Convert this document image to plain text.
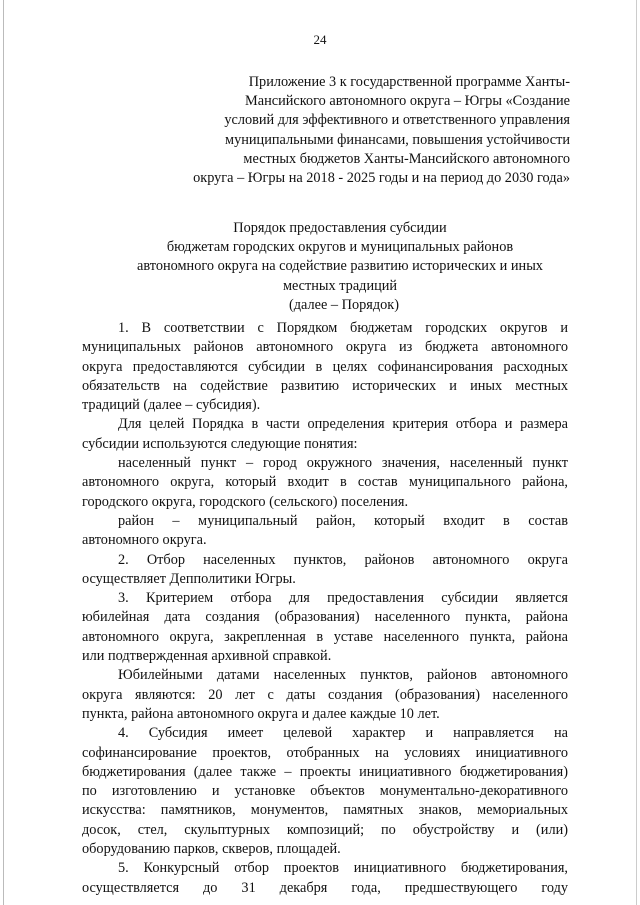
24
Приложение 3 к государственной программе Ханты-
Мансийского автономного округа – Югры «Создание
условий для эффективного и ответственного управления
муниципальными финансами, повышения устойчивости
местных бюджетов Ханты-Мансийского автономного
округа – Югры на 2018 - 2025 годы и на период до 2030 года»
Порядок предоставления субсидии
бюджетам городских округов и муниципальных районов
автономного округа на содействие развитию исторических и иных
местных традиций
(далее – Порядок)
1. В соответствии с Порядком бюджетам городских округов и
муниципальных районов автономного округа из бюджета автономного
округа предоставляются субсидии в целях софинансирования расходных
обязательств на содействие развитию исторических и иных местных
традиций (далее – субсидия).
Для целей Порядка в части определения критерия отбора и размера
субсидии используются следующие понятия:
населенный пункт – город окружного значения, населенный пункт
автономного округа, который входит в состав муниципального района,
городского округа, городского (сельского) поселения.
район – муниципальный район, который входит в состав
автономного округа.
2. Отбор населенных пунктов, районов автономного округа
осуществляет Депполитики Югры.
3. Критерием отбора для предоставления субсидии является
юбилейная дата создания (образования) населенного пункта, района
автономного округа, закрепленная в уставе населенного пункта, района
или подтвержденная архивной справкой.
Юбилейными датами населенных пунктов, районов автономного
округа являются: 20 лет с даты создания (образования) населенного
пункта, района автономного округа и далее каждые 10 лет.
4. Субсидия имеет целевой характер и направляется на
софинансирование проектов, отобранных на условиях инициативного
бюджетирования (далее также – проекты инициативного бюджетирования)
по изготовлению и установке объектов монументально-декоративного
искусства: памятников, монументов, памятных знаков, мемориальных
досок, стел, скульптурных композиций; по обустройству и (или)
оборудованию парков, скверов, площадей.
5. Конкурсный отбор проектов инициативного бюджетирования,
осуществляется до 31 декабря года, предшествующего году
